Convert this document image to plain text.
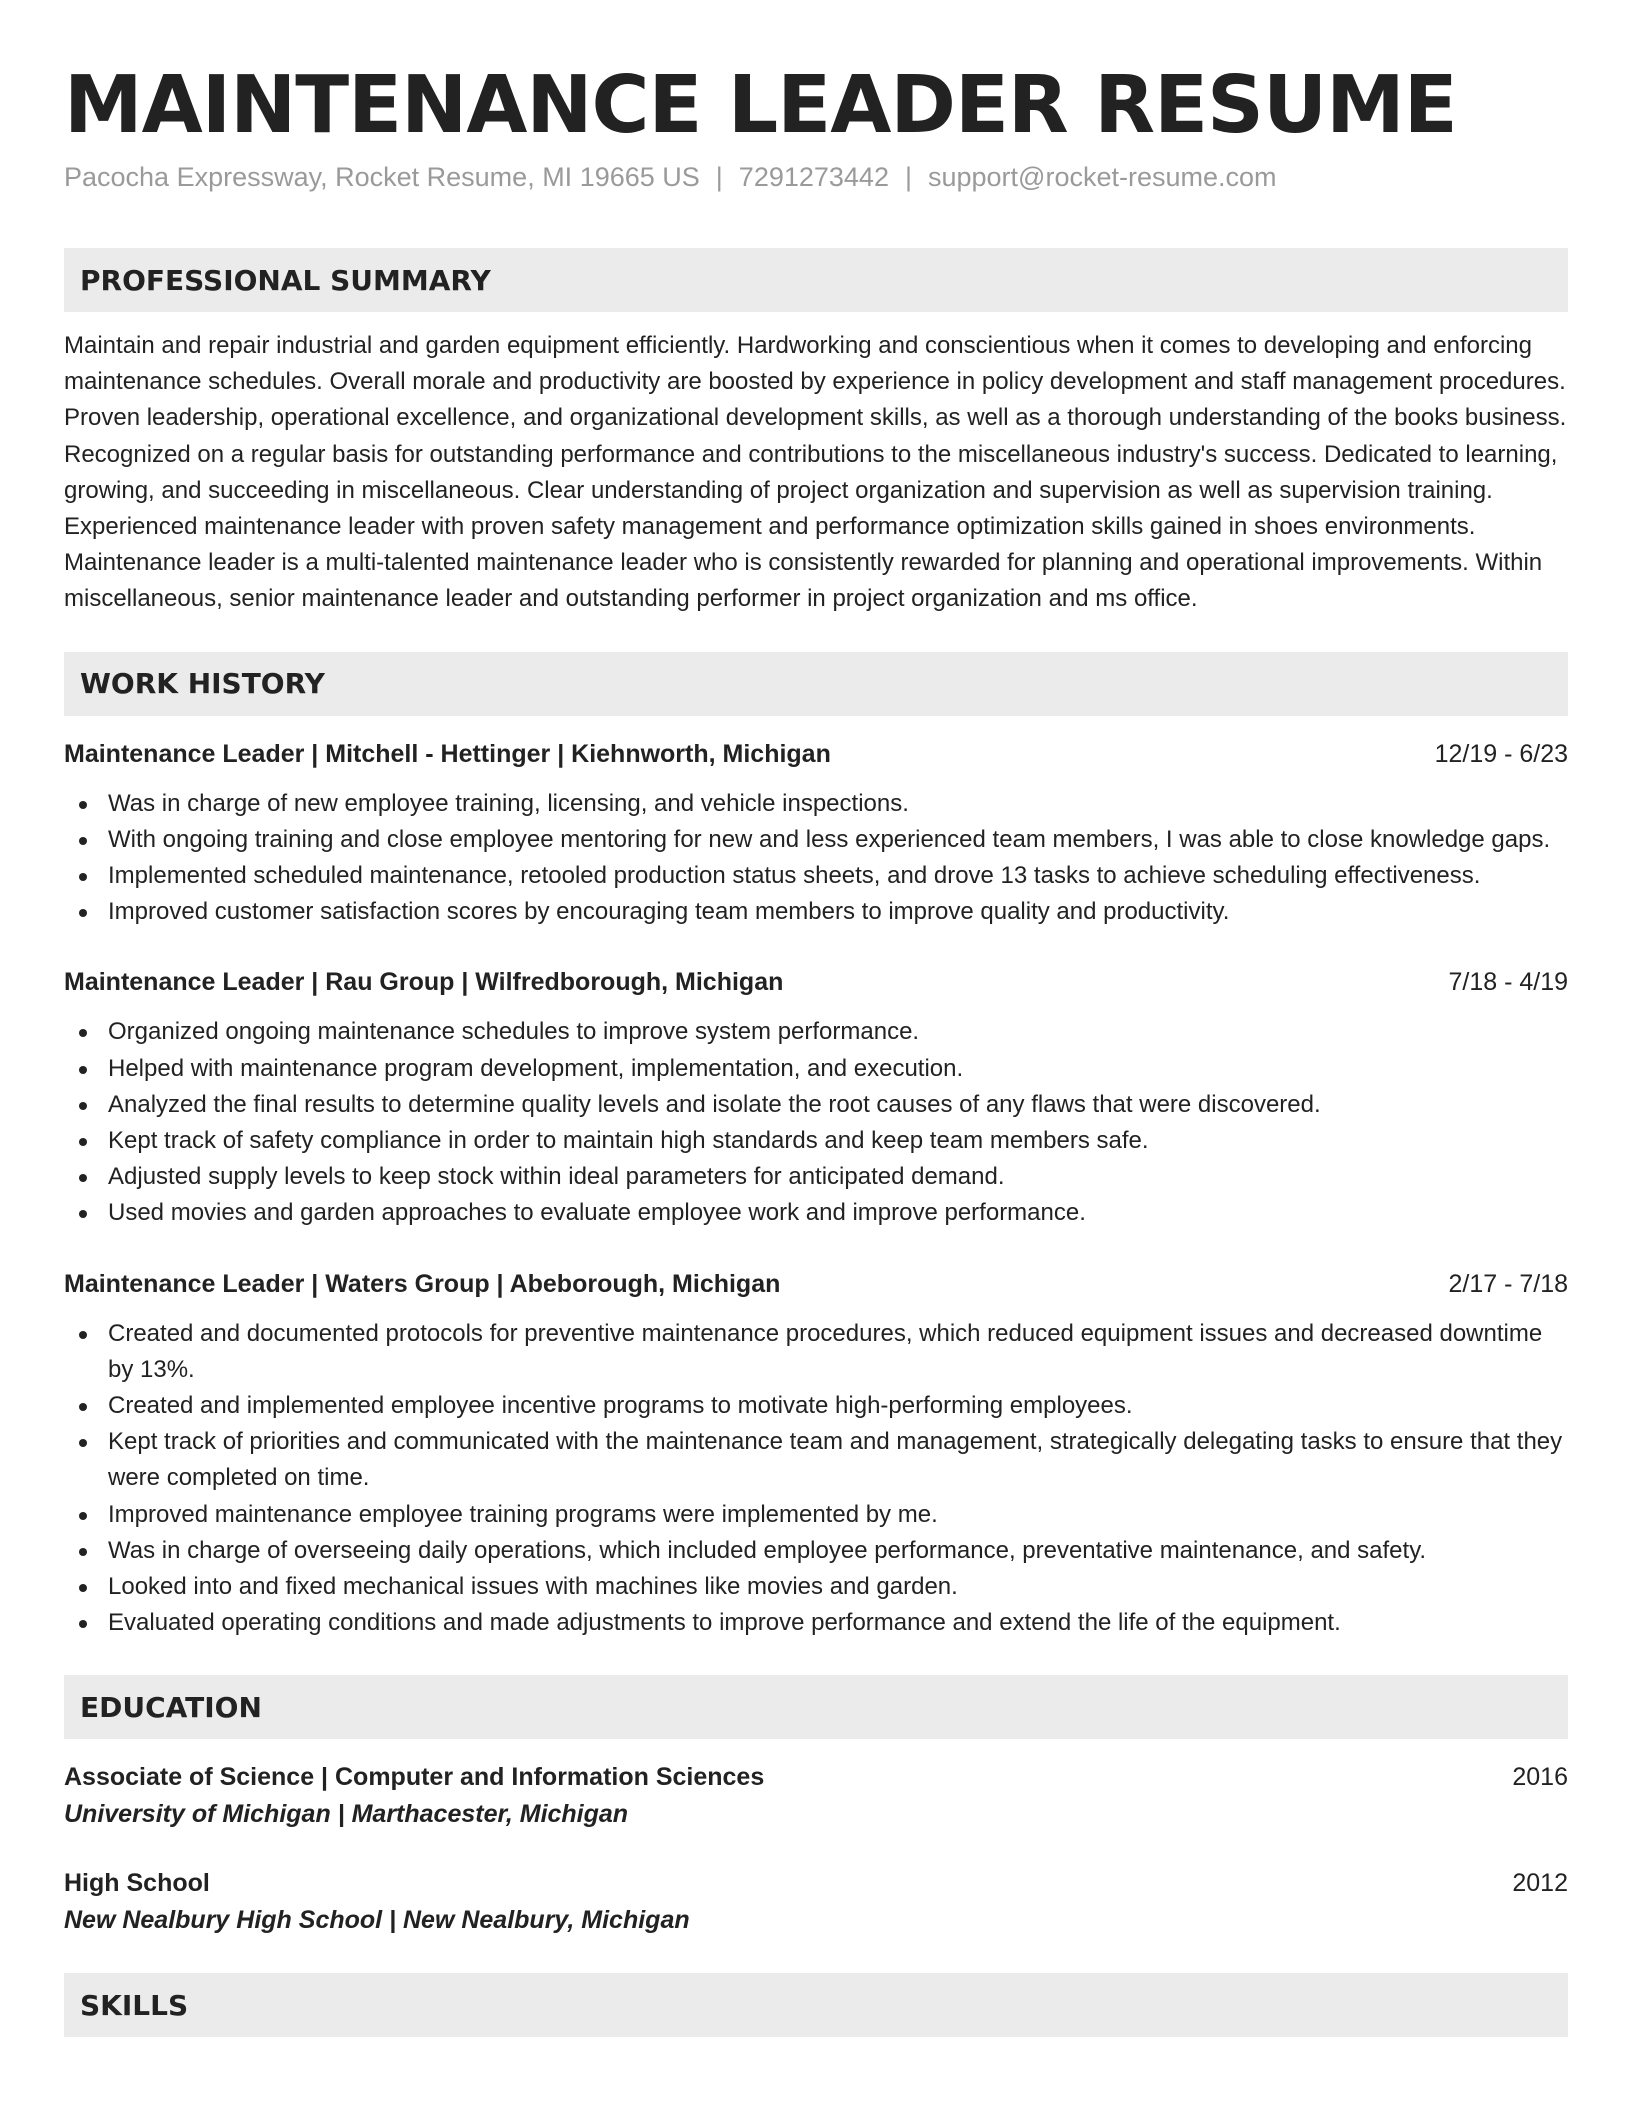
MAINTENANCE LEADER RESUME
Pacocha Expressway, Rocket Resume, MI 19665 US | 7291273442 | support@rocket-resume.com
PROFESSIONAL SUMMARY

Maintain and repair industrial and garden equipment efficiently. Hardworking and conscientious when it comes to developing and enforcing maintenance schedules. Overall morale and productivity are boosted by experience in policy development and staff management procedures. Proven leadership, operational excellence, and organizational development skills, as well as a thorough understanding of the books business. Recognized on a regular basis for outstanding performance and contributions to the miscellaneous industry's success. Dedicated to learning, growing, and succeeding in miscellaneous. Clear understanding of project organization and supervision as well as supervision training. Experienced maintenance leader with proven safety management and performance optimization skills gained in shoes environments. Maintenance leader is a multi-talented maintenance leader who is consistently rewarded for planning and operational improvements. Within miscellaneous, senior maintenance leader and outstanding performer in project organization and ms office.

WORK HISTORY
Maintenance Leader | Mitchell - Hettinger | Kiehnworth, Michigan	12/19 - 6/23
Was in charge of new employee training, licensing, and vehicle inspections.
With ongoing training and close employee mentoring for new and less experienced team members, I was able to close knowledge gaps.
Implemented scheduled maintenance, retooled production status sheets, and drove 13 tasks to achieve scheduling effectiveness.
Improved customer satisfaction scores by encouraging team members to improve quality and productivity.
Maintenance Leader | Rau Group | Wilfredborough, Michigan	7/18 - 4/19
Organized ongoing maintenance schedules to improve system performance.
Helped with maintenance program development, implementation, and execution.
Analyzed the final results to determine quality levels and isolate the root causes of any flaws that were discovered.
Kept track of safety compliance in order to maintain high standards and keep team members safe.
Adjusted supply levels to keep stock within ideal parameters for anticipated demand.
Used movies and garden approaches to evaluate employee work and improve performance.
Maintenance Leader | Waters Group | Abeborough, Michigan	2/17 - 7/18
Created and documented protocols for preventive maintenance procedures, which reduced equipment issues and decreased downtime by 13%.
Created and implemented employee incentive programs to motivate high-performing employees.
Kept track of priorities and communicated with the maintenance team and management, strategically delegating tasks to ensure that they were completed on time.
Improved maintenance employee training programs were implemented by me.
Was in charge of overseeing daily operations, which included employee performance, preventative maintenance, and safety.
Looked into and fixed mechanical issues with machines like movies and garden.
Evaluated operating conditions and made adjustments to improve performance and extend the life of the equipment.
EDUCATION
Associate of Science | Computer and Information Sciences	2016
University of Michigan | Marthacester, Michigan
High School	2012
New Nealbury High School | New Nealbury, Michigan
SKILLS
